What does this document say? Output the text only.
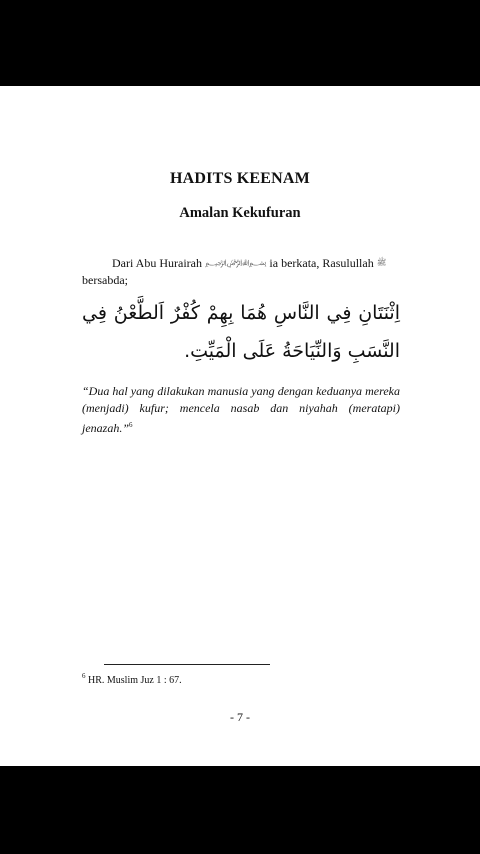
HADITS KEENAM
Amalan Kekufuran
Dari Abu Hurairah ﷽ ia berkata, Rasulullah ﷺ
bersabda;
اِثْنَتَانِ فِي النَّاسِ هُمَا بِهِمْ كُفْرٌ اَلطَّعْنُ فِي النَّسَبِ وَالنِّيَاحَةُ عَلَى الْمَيِّتِ.
“Dua hal yang dilakukan manusia yang dengan keduanya mereka (menjadi) kufur; mencela nasab dan niyahah (meratapi) jenazah.”$^6$
$^6$ HR. Muslim Juz 1 : 67.
- 7 -
